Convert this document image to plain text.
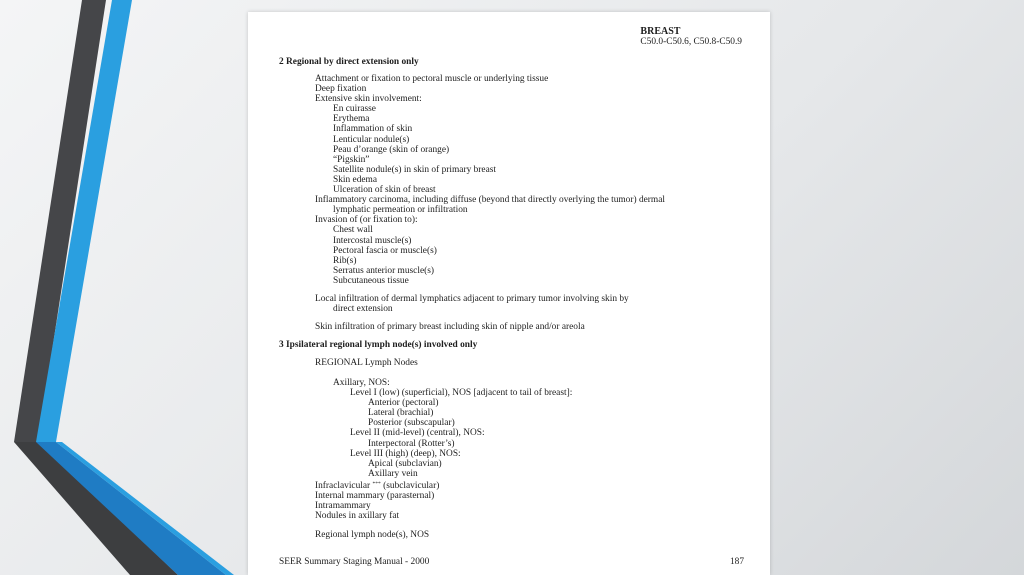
BREAST
C50.0-C50.6, C50.8-C50.9
2 Regional by direct extension only
Attachment or fixation to pectoral muscle or underlying tissue
Deep fixation
Extensive skin involvement:
En cuirasse
Erythema
Inflammation of skin
Lenticular nodule(s)
Peau d’orange (skin of orange)
“Pigskin”
Satellite nodule(s) in skin of primary breast
Skin edema
Ulceration of skin of breast
Inflammatory carcinoma, including diffuse (beyond that directly overlying the tumor) dermal
lymphatic permeation or infiltration
Invasion of (or fixation to):
Chest wall
Intercostal muscle(s)
Pectoral fascia or muscle(s)
Rib(s)
Serratus anterior muscle(s)
Subcutaneous tissue
Local infiltration of dermal lymphatics adjacent to primary tumor involving skin by
direct extension
Skin infiltration of primary breast including skin of nipple and/or areola
3 Ipsilateral regional lymph node(s) involved only
REGIONAL Lymph Nodes
Axillary, NOS:
Level I (low) (superficial), NOS [adjacent to tail of breast]:
Anterior (pectoral)
Lateral (brachial)
Posterior (subscapular)
Level II (mid-level) (central), NOS:
Interpectoral (Rotter’s)
Level III (high) (deep), NOS:
Apical (subclavian)
Axillary vein
Infraclavicular *** (subclavicular)
Internal mammary (parasternal)
Intramammary
Nodules in axillary fat
Regional lymph node(s), NOS
SEER Summary Staging Manual - 2000	187
